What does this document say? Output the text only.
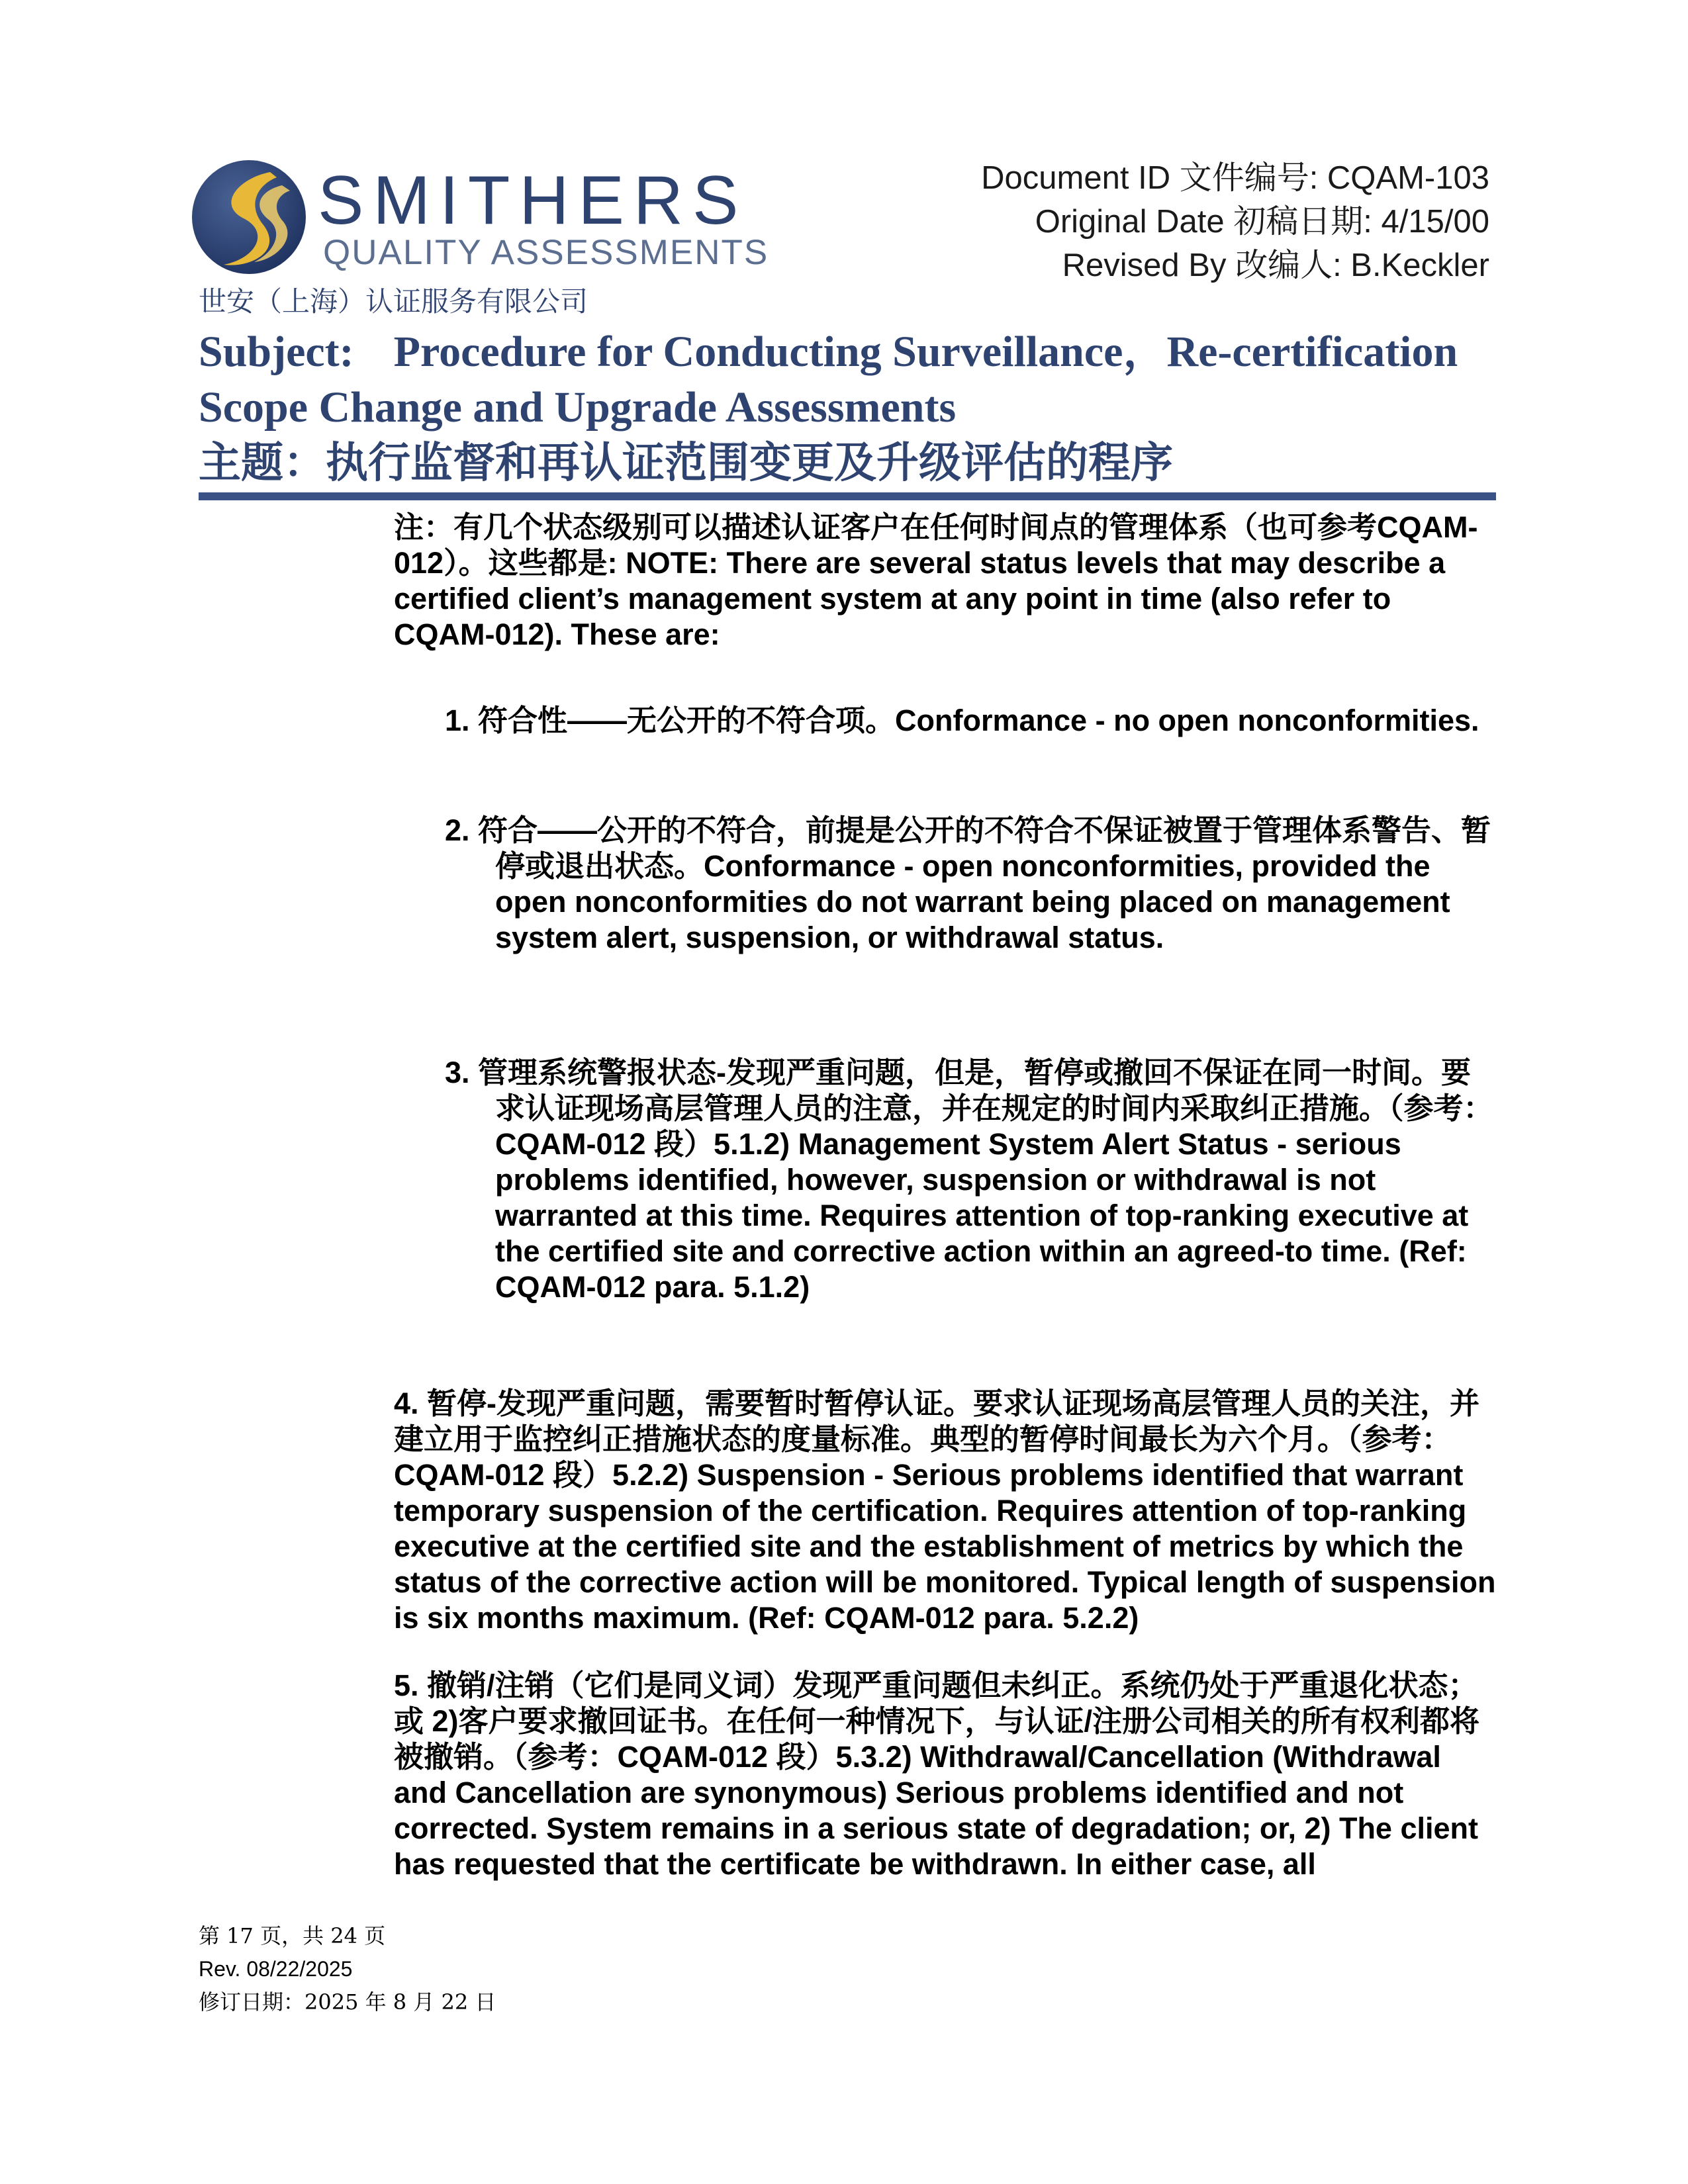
SMITHERS
QUALITY ASSESSMENTS
世安（上海）认证服务有限公司
Document ID 文件编号: CQAM-103
Original Date 初稿日期: 4/15/00
Revised By 改编人: B.Keckler
Subject: Procedure for Conducting Surveillance，Re-certification
Scope Change and Upgrade Assessments
主题：执行监督和再认证范围变更及升级评估的程序
注：有几个状态级别可以描述认证客户在任何时间点的管理体系（也可参考CQAM-012）。这些都是: NOTE: There are several status levels that may describe a certified client’s management system at any point in time (also refer to CQAM-012). These are:
1. 符合性——无公开的不符合项。Conformance - no open nonconformities.
2. 符合——公开的不符合，前提是公开的不符合不保证被置于管理体系警告、暂停或退出状态。Conformance - open nonconformities, provided the open nonconformities do not warrant being placed on management system alert, suspension, or withdrawal status.
3. 管理系统警报状态-发现严重问题，但是，暂停或撤回不保证在同一时间。要求认证现场高层管理人员的注意，并在规定的时间内采取纠正措施。（参考：CQAM-012 段）5.1.2) Management System Alert Status - serious problems identified, however, suspension or withdrawal is not warranted at this time. Requires attention of top-ranking executive at the certified site and corrective action within an agreed-to time. (Ref: CQAM-012 para. 5.1.2)
4. 暂停-发现严重问题，需要暂时暂停认证。要求认证现场高层管理人员的关注，并建立用于监控纠正措施状态的度量标准。典型的暂停时间最长为六个月。（参考：CQAM-012 段）5.2.2) Suspension - Serious problems identified that warrant temporary suspension of the certification. Requires attention of top-ranking executive at the certified site and the establishment of metrics by which the status of the corrective action will be monitored. Typical length of suspension is six months maximum. (Ref: CQAM-012 para. 5.2.2)
5. 撤销/注销（它们是同义词）发现严重问题但未纠正。系统仍处于严重退化状态；或 2)客户要求撤回证书。在任何一种情况下，与认证/注册公司相关的所有权利都将被撤销。（参考：CQAM-012 段）5.3.2) Withdrawal/Cancellation (Withdrawal and Cancellation are synonymous) Serious problems identified and not corrected. System remains in a serious state of degradation; or, 2) The client has requested that the certificate be withdrawn. In either case, all
第 17 页，共 24 页
Rev. 08/22/2025
修订日期：2025 年 8 月 22 日
